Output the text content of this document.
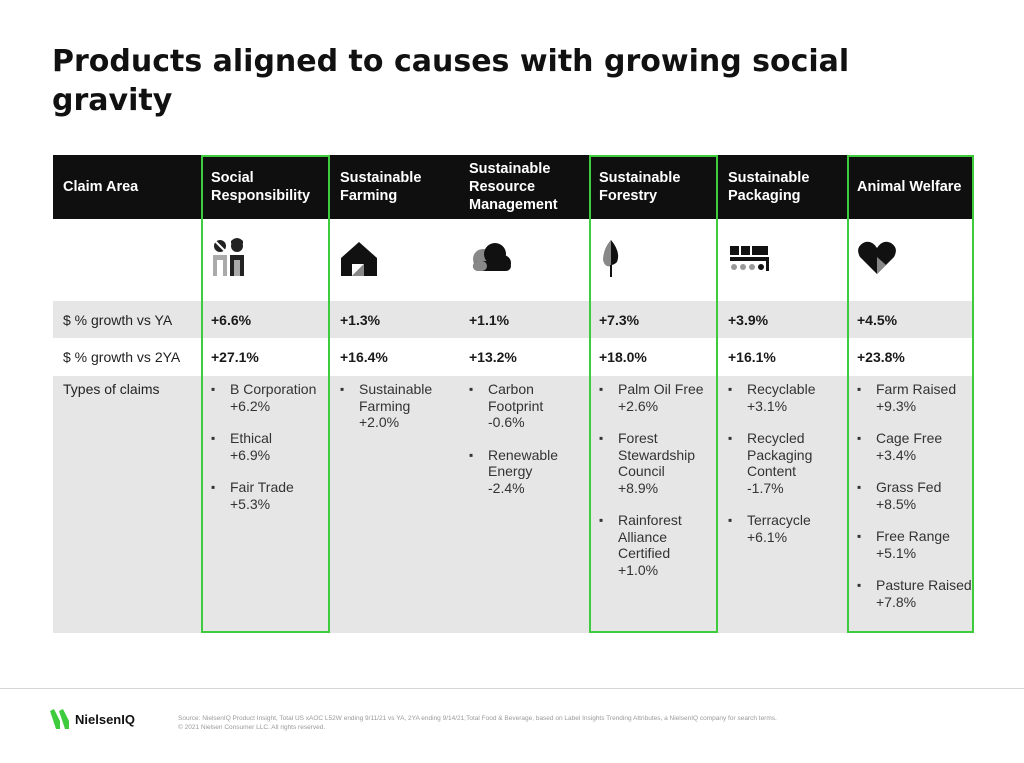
Products aligned to causes with growing social gravity
Claim Area
$ % growth vs YA
$ % growth vs 2YA
Types of claims
Social Responsibility
+6.6%
+27.1%
▪ B Corporation
+6.2%
▪ Ethical
+6.9%
▪ Fair Trade
+5.3%
Sustainable Farming
+1.3%
+16.4%
▪ Sustainable Farming
+2.0%
Sustainable Resource Management
+1.1%
+13.2%
▪ Carbon Footprint
-0.6%
▪ Renewable Energy
-2.4%
Sustainable Forestry
+7.3%
+18.0%
▪ Palm Oil Free
+2.6%
▪ Forest Stewardship Council
+8.9%
▪ Rainforest Alliance Certified
+1.0%
Sustainable Packaging
+3.9%
+16.1%
▪ Recyclable
+3.1%
▪ Recycled Packaging Content
-1.7%
▪ Terracycle
+6.1%
Animal Welfare
+4.5%
+23.8%
▪ Farm Raised
+9.3%
▪ Cage Free
+3.4%
▪ Grass Fed
+8.5%
▪ Free Range
+5.1%
▪ Pasture Raised
+7.8%
NielsenIQ	Source: NielsenIQ Product Insight, Total US xAOC L52W ending 9/11/21 vs YA, 2YA ending 9/14/21;Total Food & Beverage, based on Label Insights Trending Attributes, a NielsenIQ company for search terms.
© 2021 Nielsen Consumer LLC. All rights reserved.
